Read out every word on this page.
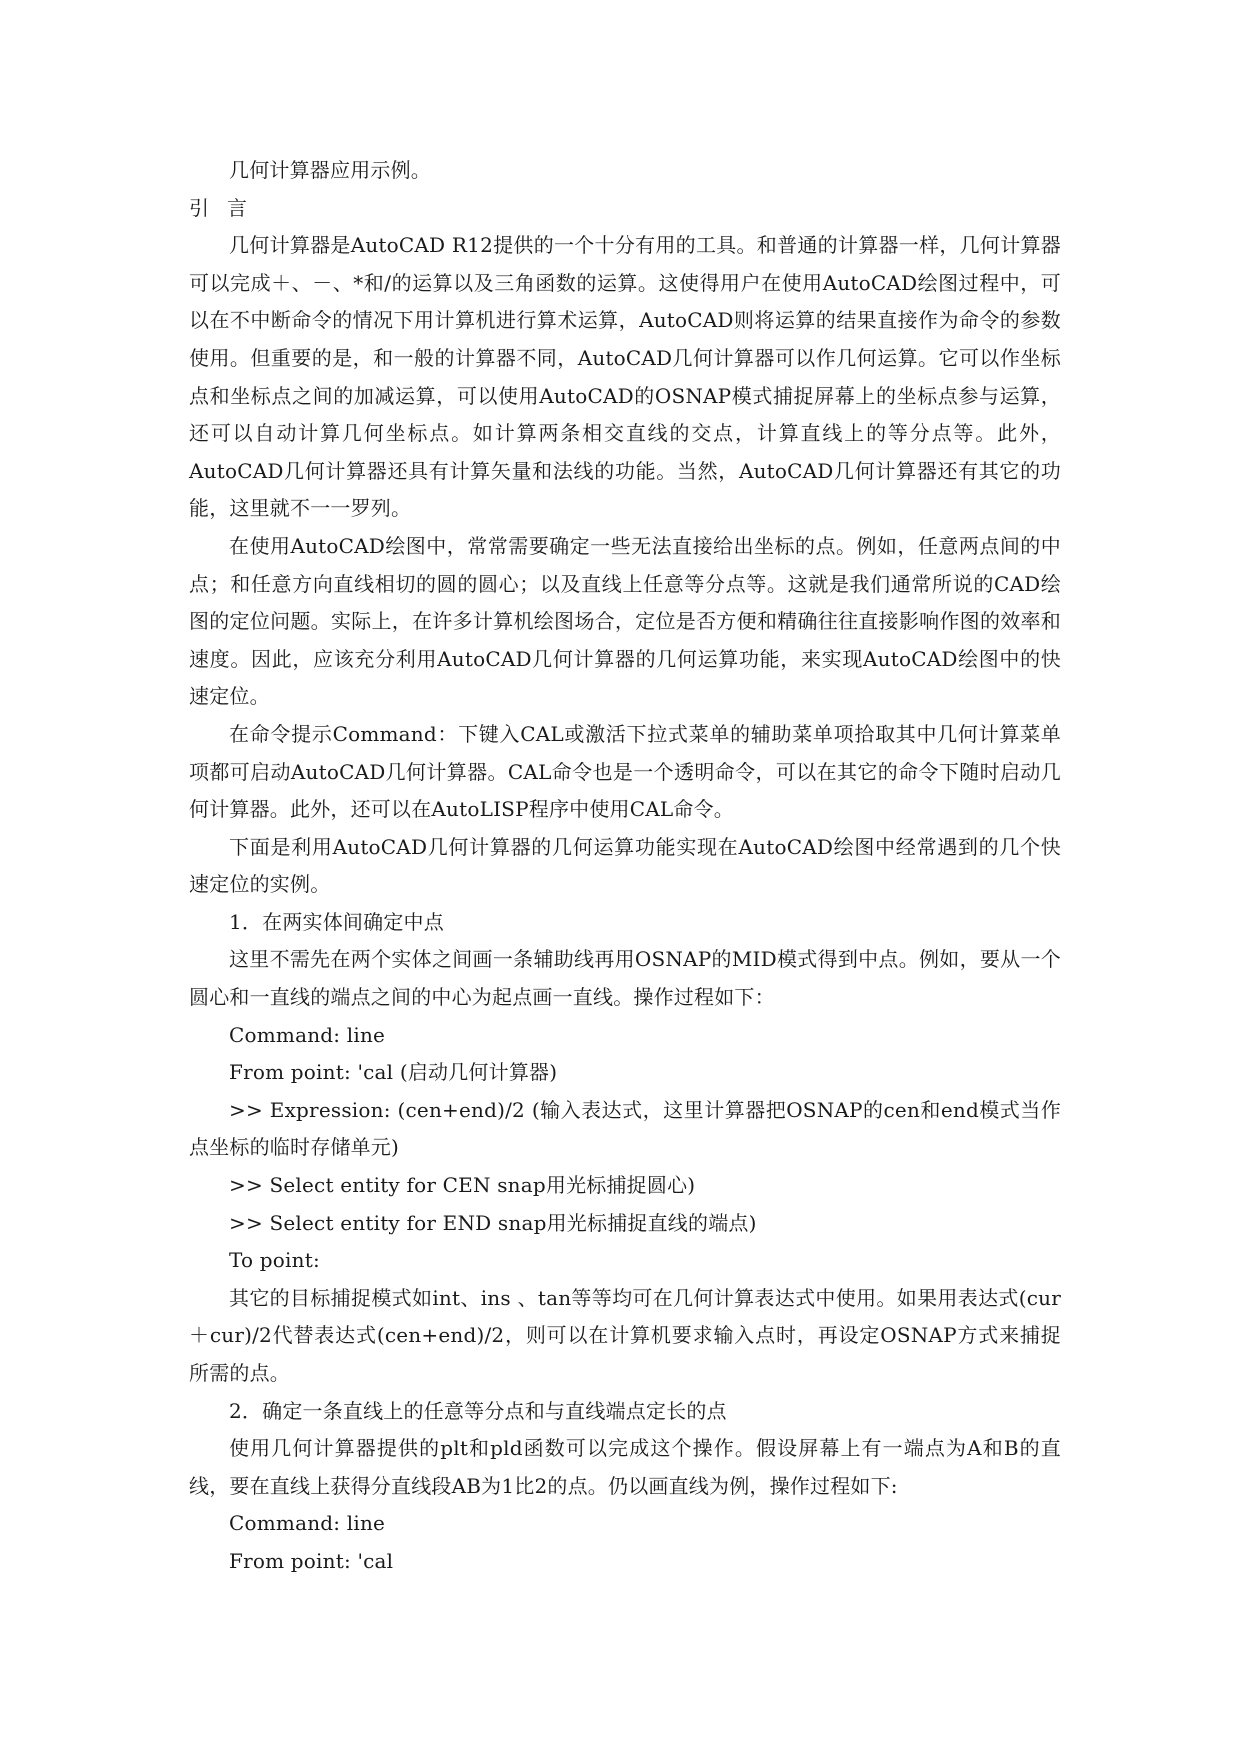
几何计算器应用示例。

引言

几何计算器是AutoCAD R12提供的一个十分有用的工具。和普通的计算器一样，几何计算器可以完成＋、－、*和/的运算以及三角函数的运算。这使得用户在使用AutoCAD绘图过程中，可以在不中断命令的情况下用计算机进行算术运算，AutoCAD则将运算的结果直接作为命令的参数使用。但重要的是，和一般的计算器不同，AutoCAD几何计算器可以作几何运算。它可以作坐标点和坐标点之间的加减运算，可以使用AutoCAD的OSNAP模式捕捉屏幕上的坐标点参与运算，还可以自动计算几何坐标点。如计算两条相交直线的交点，计算直线上的等分点等。此外，AutoCAD几何计算器还具有计算矢量和法线的功能。当然，AutoCAD几何计算器还有其它的功能，这里就不一一罗列。

在使用AutoCAD绘图中，常常需要确定一些无法直接给出坐标的点。例如，任意两点间的中点；和任意方向直线相切的圆的圆心；以及直线上任意等分点等。这就是我们通常所说的CAD绘图的定位问题。实际上，在许多计算机绘图场合，定位是否方便和精确往往直接影响作图的效率和速度。因此，应该充分利用AutoCAD几何计算器的几何运算功能，来实现AutoCAD绘图中的快速定位。

在命令提示Command：下键入CAL或激活下拉式菜单的辅助菜单项拾取其中几何计算菜单项都可启动AutoCAD几何计算器。CAL命令也是一个透明命令，可以在其它的命令下随时启动几何计算器。此外，还可以在AutoLISP程序中使用CAL命令。

下面是利用AutoCAD几何计算器的几何运算功能实现在AutoCAD绘图中经常遇到的几个快速定位的实例。

1．在两实体间确定中点

这里不需先在两个实体之间画一条辅助线再用OSNAP的MID模式得到中点。例如，要从一个圆心和一直线的端点之间的中心为起点画一直线。操作过程如下：

Command: line

From point: 'cal (启动几何计算器)

>> Expression: (cen+end)/2 (输入表达式，这里计算器把OSNAP的cen和end模式当作点坐标的临时存储单元)

>> Select entity for CEN snap用光标捕捉圆心)

>> Select entity for END snap用光标捕捉直线的端点)

To point:

其它的目标捕捉模式如int、ins 、tan等等均可在几何计算表达式中使用。如果用表达式(cur＋cur)/2代替表达式(cen+end)/2，则可以在计算机要求输入点时，再设定OSNAP方式来捕捉所需的点。

2．确定一条直线上的任意等分点和与直线端点定长的点

使用几何计算器提供的plt和pld函数可以完成这个操作。假设屏幕上有一端点为A和B的直线，要在直线上获得分直线段AB为1比2的点。仍以画直线为例，操作过程如下:

Command: line

From point: 'cal
